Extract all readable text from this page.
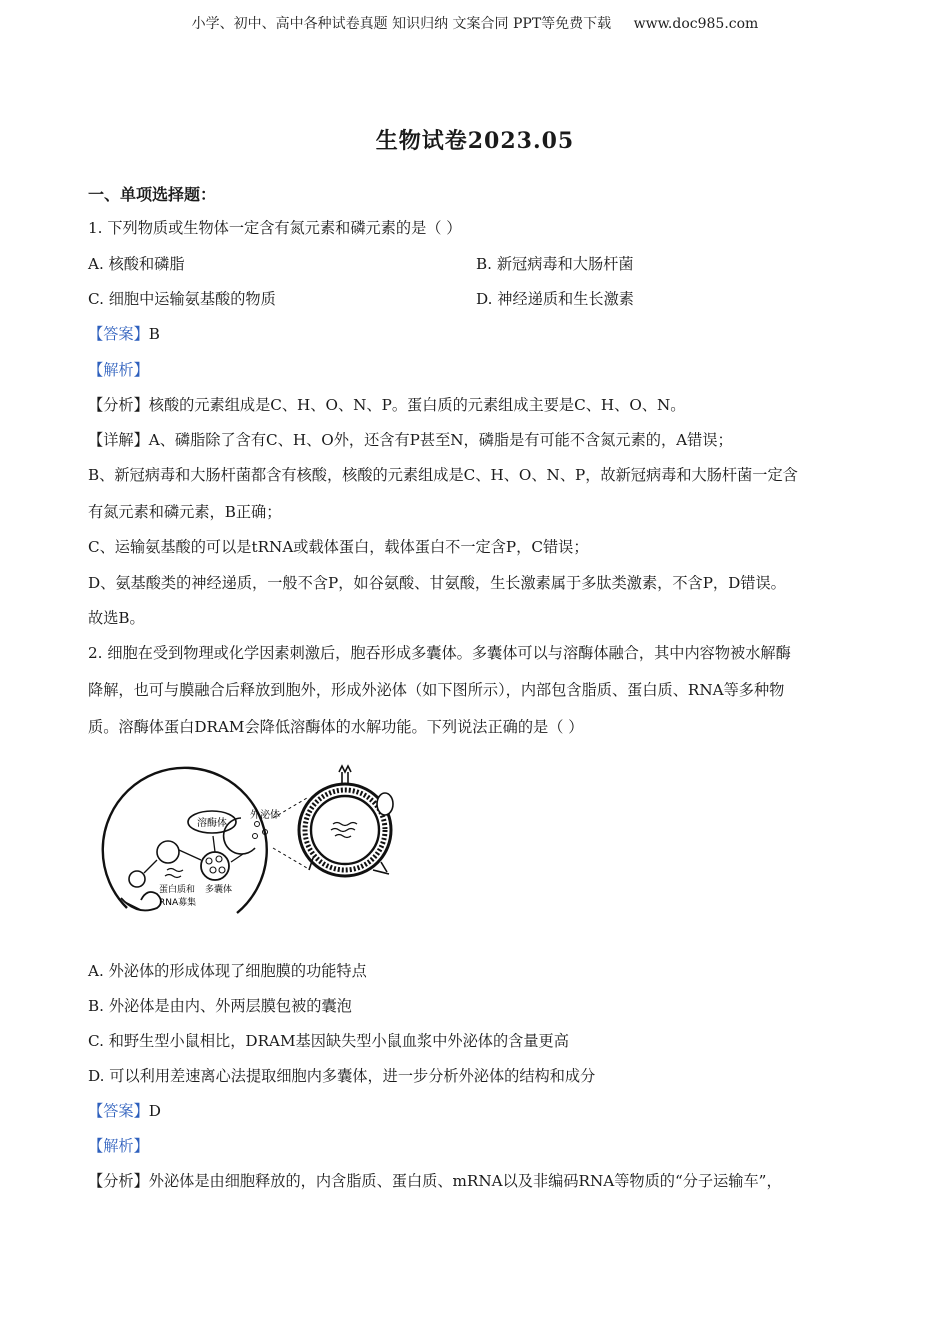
小学、初中、高中各种试卷真题 知识归纳 文案合同 PPT等免费下载 www.doc985.com
生物试卷2023.05
一、单项选择题：
1. 下列物质或生物体一定含有氮元素和磷元素的是（ ）
A. 核酸和磷脂	B. 新冠病毒和大肠杆菌
C. 细胞中运输氨基酸的物质	D. 神经递质和生长激素
【答案】B
【解析】
【分析】核酸的元素组成是C、H、O、N、P。蛋白质的元素组成主要是C、H、O、N。
【详解】A、磷脂除了含有C、H、O外，还含有P甚至N，磷脂是有可能不含氮元素的，A错误；
B、新冠病毒和大肠杆菌都含有核酸，核酸的元素组成是C、H、O、N、P，故新冠病毒和大肠杆菌一定含
有氮元素和磷元素，B正确；
C、运输氨基酸的可以是tRNA或载体蛋白，载体蛋白不一定含P，C错误；
D、氨基酸类的神经递质，一般不含P，如谷氨酸、甘氨酸，生长激素属于多肽类激素，不含P，D错误。
故选B。
2. 细胞在受到物理或化学因素刺激后，胞吞形成多囊体。多囊体可以与溶酶体融合，其中内容物被水解酶
降解，也可与膜融合后释放到胞外，形成外泌体（如下图所示），内部包含脂质、蛋白质、RNA等多种物
质。溶酶体蛋白DRAM会降低溶酶体的水解功能。下列说法正确的是（ ）
溶酶体
外泌体
蛋白质和 多囊体
RNA募集
A. 外泌体的形成体现了细胞膜的功能特点
B. 外泌体是由内、外两层膜包被的囊泡
C. 和野生型小鼠相比，DRAM基因缺失型小鼠血浆中外泌体的含量更高
D. 可以利用差速离心法提取细胞内多囊体，进一步分析外泌体的结构和成分
【答案】D
【解析】
【分析】外泌体是由细胞释放的，内含脂质、蛋白质、mRNA以及非编码RNA等物质的“分子运输车”，
